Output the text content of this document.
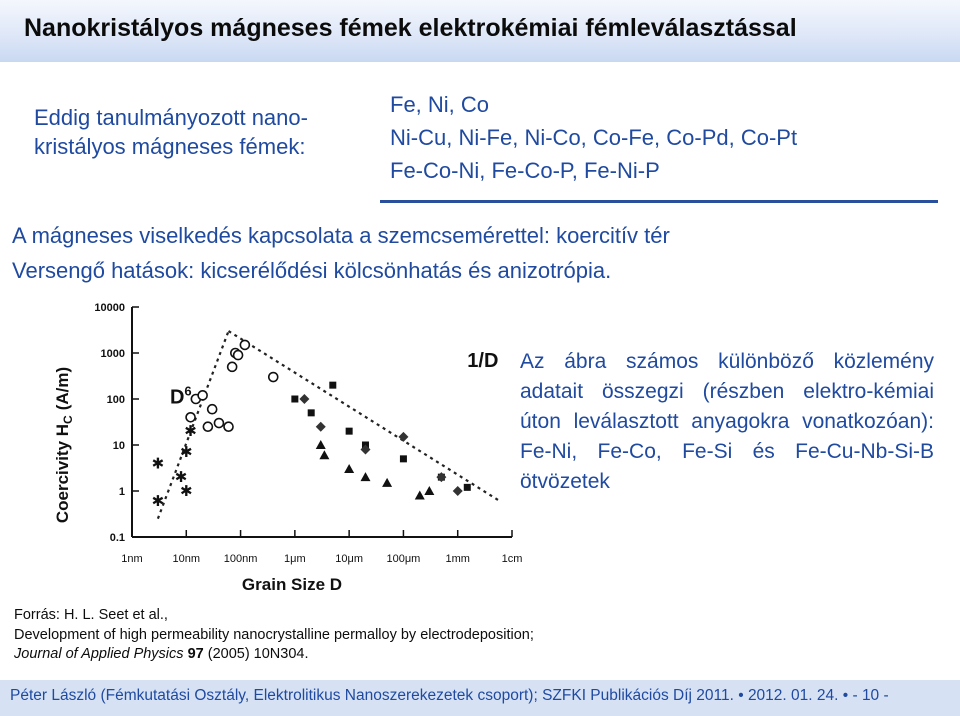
Nanokristályos mágneses fémek elektrokémiai fémleválasztással
Eddig tanulmányozott nano-kristályos mágneses fémek:
Fe, Ni, Co
Ni-Cu, Ni-Fe, Ni-Co, Co-Fe, Co-Pd, Co-Pt
Fe-Co-Ni, Fe-Co-P, Fe-Ni-P
A mágneses viselkedés kapcsolata a szemcsemérettel: koercitív tér
Versengő hatások: kicserélődési kölcsönhatás és anizotrópia.
10000
1000
100
10
1
0.1
1nm	10nm 100nm 1μm	10μm 100μm 1mm	1cm
✱
✱
✱
✱
✱
✱
$D^6$
1/D
Coercivity $H_C(A/m)$
Grain Size D
Az ábra számos különböző közlemény adatait összegzi (részben elektro-kémiai úton leválasztott anyagokra vonatkozóan): Fe-Ni, Fe-Co, Fe-Si és Fe-Cu-Nb-Si-B ötvözetek
Forrás: H. L. Seet et al.,
Development of high permeability nanocrystalline permalloy by electrodeposition;
Journal of Applied Physics 97 (2005) 10N304.
Péter László (Fémkutatási Osztály, Elektrolitikus Nanoszerekezetek csoport); SZFKI Publikációs Díj 2011. • 2012. 01. 24. • - 10 -
